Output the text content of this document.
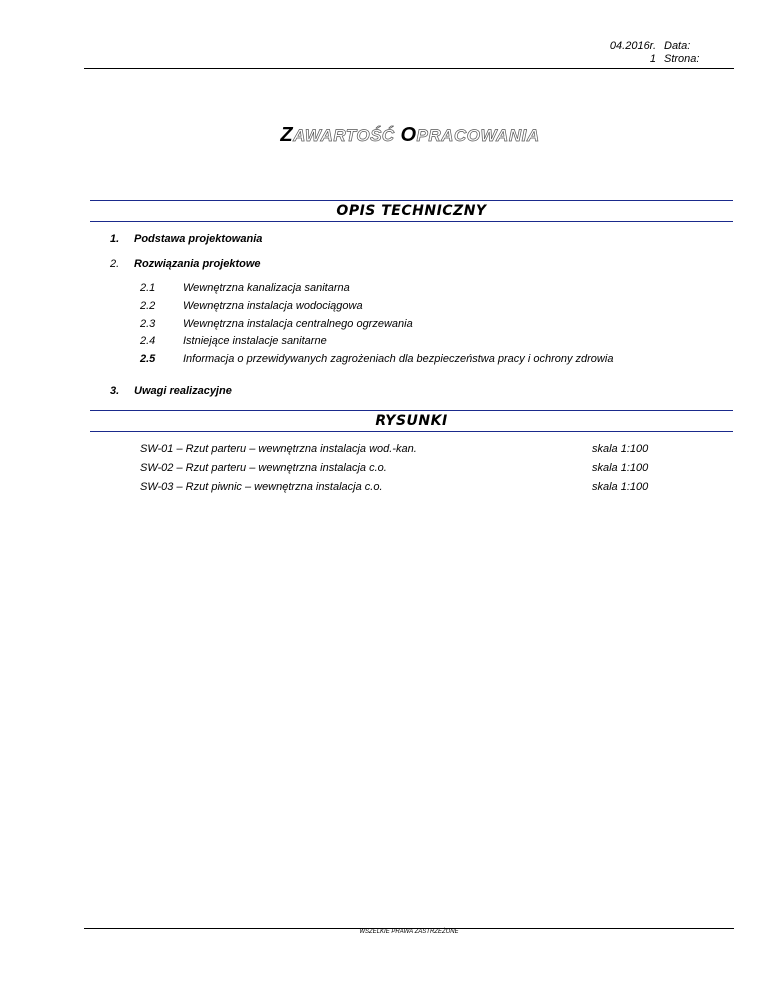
04.2016r. Data:
1 Strona:
ZAWARTOŚĆ OPRACOWANIA
OPIS TECHNICZNY
1. Podstawa projektowania
2. Rozwiązania projektowe
2.1	Wewnętrzna kanalizacja sanitarna
2.2	Wewnętrzna instalacja wodociągowa
2.3	Wewnętrzna instalacja centralnego ogrzewania
2.4	Istniejące instalacje sanitarne
2.5	Informacja o przewidywanych zagrożeniach dla bezpieczeństwa pracy i ochrony zdrowia
3. Uwagi realizacyjne
RYSUNKI
SW-01 – Rzut parteru – wewnętrzna instalacja wod.-kan.	skala 1:100
SW-02 – Rzut parteru – wewnętrzna instalacja c.o.	skala 1:100
SW-03 – Rzut piwnic – wewnętrzna instalacja c.o.	skala 1:100
WSZELKIE PRAWA ZASTRZEŻONE
